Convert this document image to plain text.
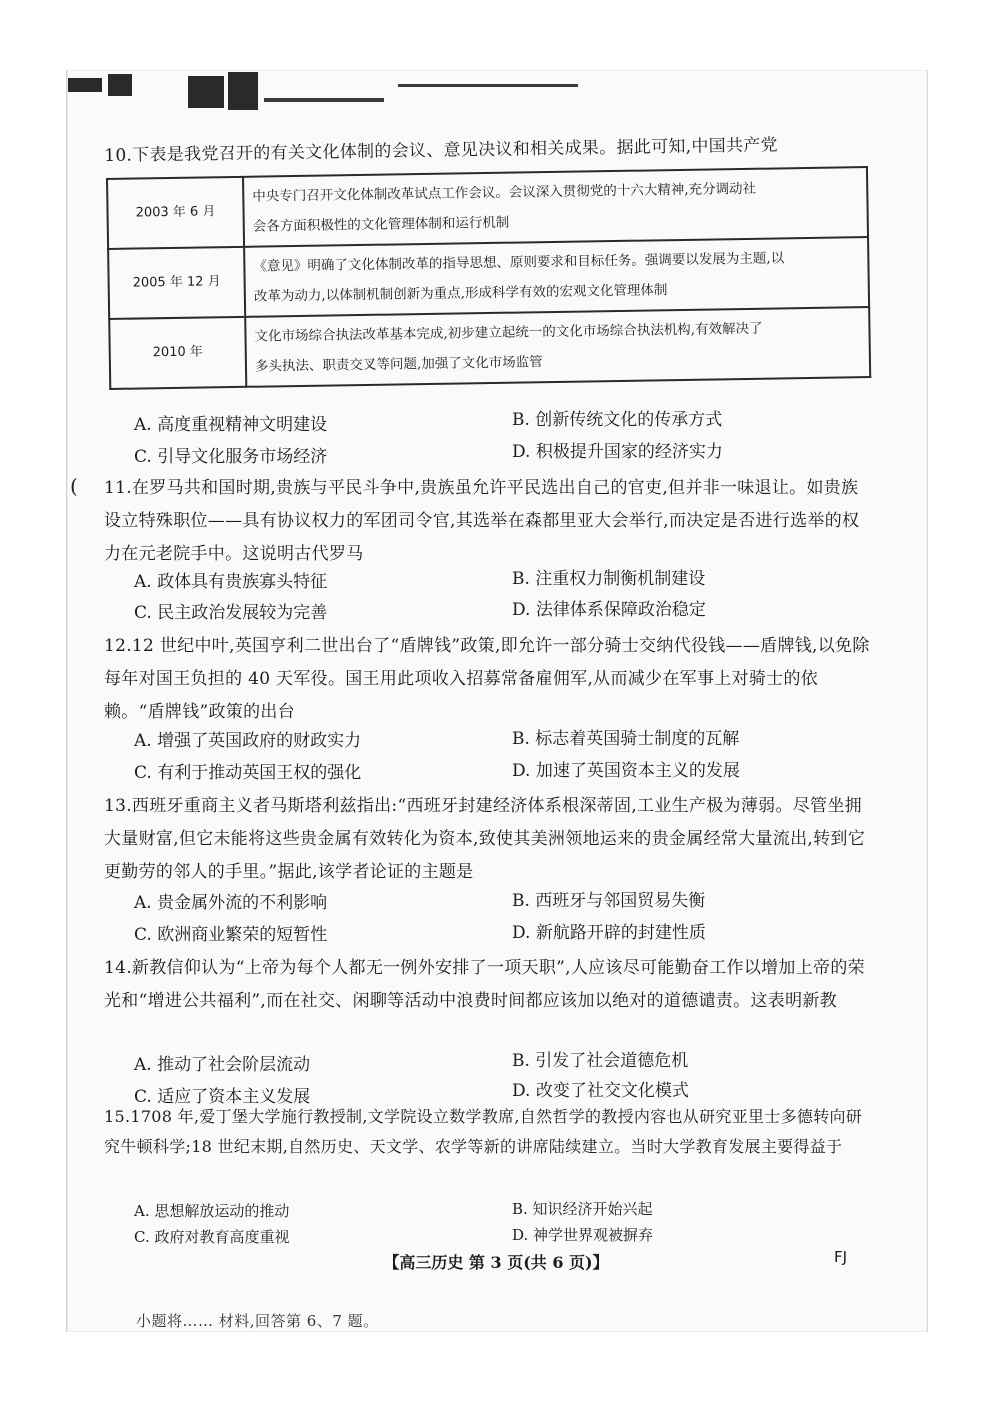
10.下表是我党召开的有关文化体制的会议、意见决议和相关成果。据此可知,中国共产党
2003 年 6 月	中央专门召开文化体制改革试点工作会议。会议深入贯彻党的十六大精神,充分调动社
会各方面积极性的文化管理体制和运行机制

2005 年 12 月	《意见》明确了文化体制改革的指导思想、原则要求和目标任务。强调要以发展为主题,以
改革为动力,以体制机制创新为重点,形成科学有效的宏观文化管理体制

2010 年	文化市场综合执法改革基本完成,初步建立起统一的文化市场综合执法机构,有效解决了
多头执法、职责交叉等问题,加强了文化市场监管
A. 高度重视精神文明建设	B. 创新传统文化的传承方式
C. 引导文化服务市场经济	D. 积极提升国家的经济实力
( 11.在罗马共和国时期,贵族与平民斗争中,贵族虽允许平民选出自己的官吏,但并非一味退让。如贵族设立特殊职位——具有协议权力的军团司令官,其选举在森都里亚大会举行,而决定是否进行选举的权力在元老院手中。这说明古代罗马
A. 政体具有贵族寡头特征	B. 注重权力制衡机制建设
C. 民主政治发展较为完善	D. 法律体系保障政治稳定
12.12 世纪中叶,英国亨利二世出台了“盾牌钱”政策,即允许一部分骑士交纳代役钱——盾牌钱,以免除每年对国王负担的 40 天军役。国王用此项收入招募常备雇佣军,从而减少在军事上对骑士的依赖。“盾牌钱”政策的出台
A. 增强了英国政府的财政实力	B. 标志着英国骑士制度的瓦解
C. 有利于推动英国王权的强化	D. 加速了英国资本主义的发展
13.西班牙重商主义者马斯塔利兹指出:“西班牙封建经济体系根深蒂固,工业生产极为薄弱。尽管坐拥大量财富,但它未能将这些贵金属有效转化为资本,致使其美洲领地运来的贵金属经常大量流出,转到它更勤劳的邻人的手里。”据此,该学者论证的主题是
A. 贵金属外流的不利影响	B. 西班牙与邻国贸易失衡
C. 欧洲商业繁荣的短暂性	D. 新航路开辟的封建性质
14.新教信仰认为“上帝为每个人都无一例外安排了一项天职”,人应该尽可能勤奋工作以增加上帝的荣光和“增进公共福利”,而在社交、闲聊等活动中浪费时间都应该加以绝对的道德谴责。这表明新教
A. 推动了社会阶层流动	B. 引发了社会道德危机
C. 适应了资本主义发展	D. 改变了社交文化模式
15.1708 年,爱丁堡大学施行教授制,文学院设立数学教席,自然哲学的教授内容也从研究亚里士多德转向研究牛顿科学;18 世纪末期,自然历史、天文学、农学等新的讲席陆续建立。当时大学教育发展主要得益于
A. 思想解放运动的推动	B. 知识经济开始兴起
C. 政府对教育高度重视	D. 神学世界观被摒弃
【高三历史 第 3 页(共 6 页)】	FJ
小题将…… 材料,回答第 6、7 题。
